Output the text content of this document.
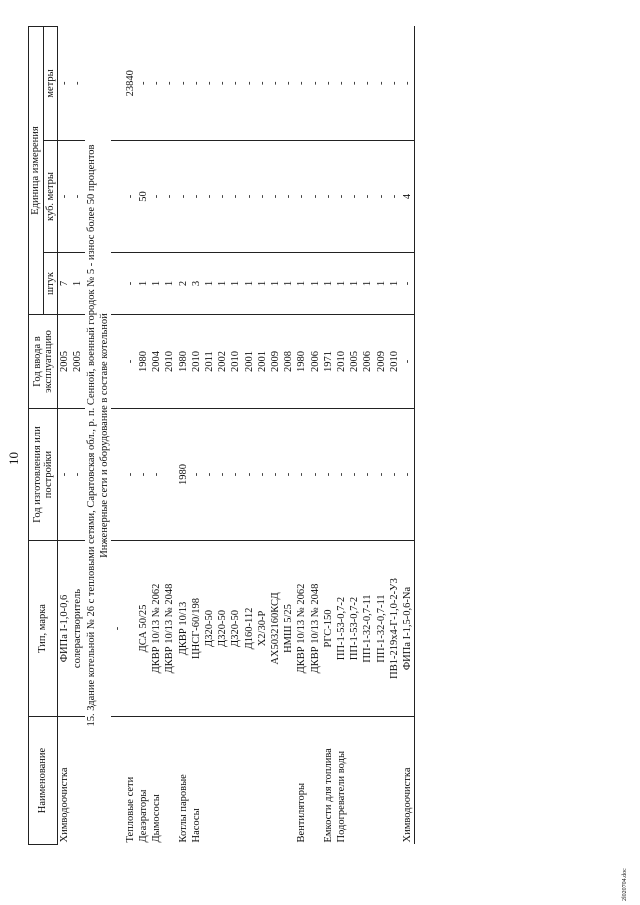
10
Наименование	Тип, марка	Год изготовления или постройки	Год ввода в эксплуатацию	Единица измерения		
				штук	куб. метры	метры
Химводоочистка	ФИПа I-1,0-0,6	-	2005	7	-	-
	солерастворитель	-	2005	1	-	-
15. Здание котельной № 26 с тепловыми сетями, Саратовская обл., р. п. Сенной, военный городок № 5 - износ более 50 процентов						
Инженерные сети и оборудование в составе котельной						
	-					
Тепловые сети		-	-	-	-	23840
Деаэраторы	ДСА 50/25	-	1980	1	50	-
Дымососы	ДКВР 10/13 № 2062	-	2004	1	-	-
	ДКВР 10/13 № 2048		2010	1	-	-
Котлы паровые	ДКВР 10/13	1980	1980	2	-	-
Насосы	ЦНСГ-60/198	-	2010	3	-	-
	Д320-50	-	2011	1	-	-
	Д320-50	-	2002	1	-	-
	Д320-50	-	2010	1	-	-
	Д160-112	-	2001	1	-	-
	Х2/30-Р	-	2001	1	-	-
	АХ5032160КСД	-	2009	1	-	-
	НМШ 5/25	-	2008	1	-	-
Вентиляторы	ДКВР 10/13 № 2062	-	1980	1	-	-
	ДКВР 10/13 № 2048	-	2006	1	-	-
Емкости для топлива	РГС-150	-	1971	1	-	-
Подогреватели воды	ПП-1-53-0,7-2	-	2010	1	-	-
	ПП-1-53-0,7-2	-	2005	1	-	-
	ПП-1-32-0,7-11	-	2006	1	-	-
	ПП-1-32-0,7-11	-	2009	1	-	-
	ПВ1-219х4-Г-1,0-2-У3	-	2010	1	-	-
Химводоочистка	ФИПа I-1,5-0,6-Na	-	-	-	4	-
2l020704.doc
